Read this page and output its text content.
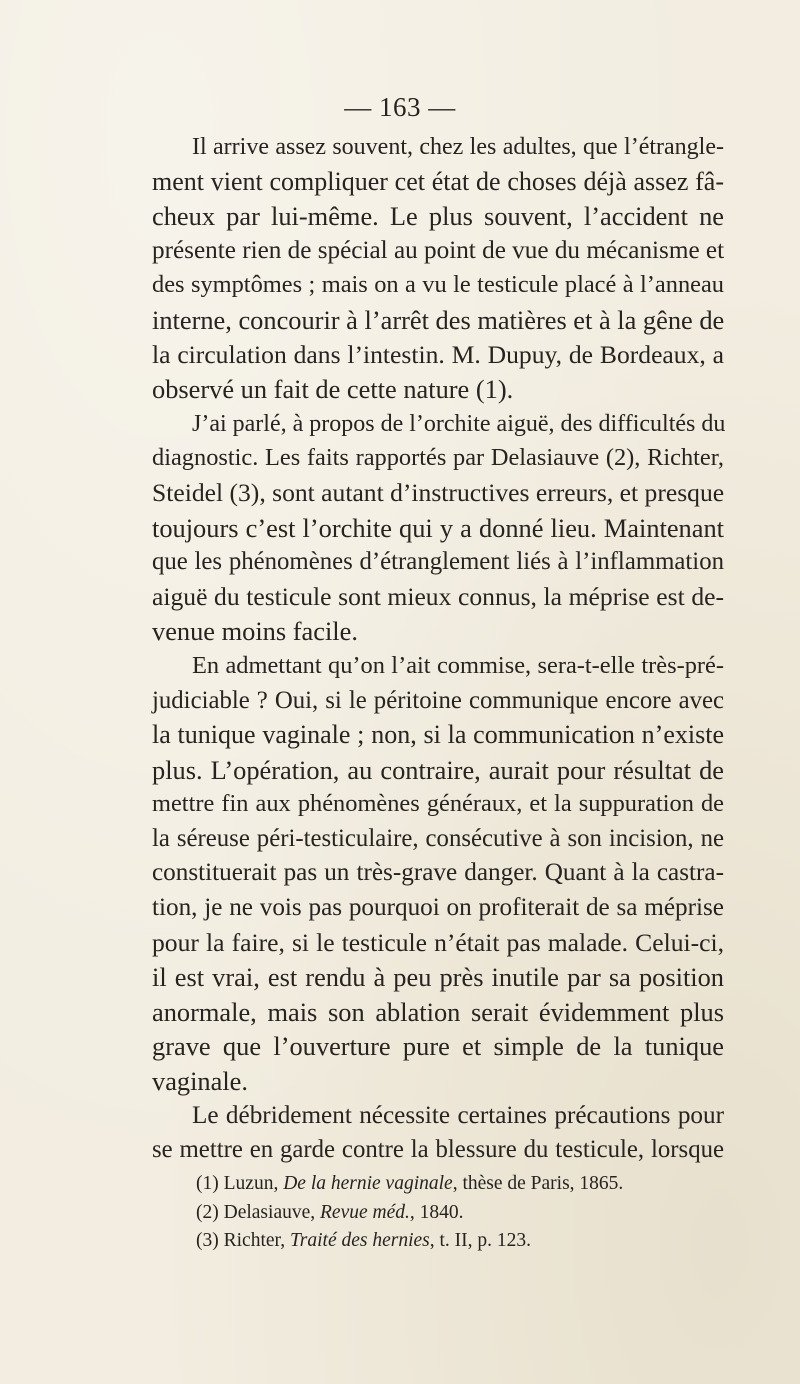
— 163 —
Il arrive assez souvent, chez les adultes, que l’étrangle-
ment vient compliquer cet état de choses déjà assez fâ-
cheux par lui-même. Le plus souvent, l’accident ne
présente rien de spécial au point de vue du mécanisme et
des symptômes ; mais on a vu le testicule placé à l’anneau
interne, concourir à l’arrêt des matières et à la gêne de
la circulation dans l’intestin. M. Dupuy, de Bordeaux, a
observé un fait de cette nature (1).
J’ai parlé, à propos de l’orchite aiguë, des difficultés du
diagnostic. Les faits rapportés par Delasiauve (2), Richter,
Steidel (3), sont autant d’instructives erreurs, et presque
toujours c’est l’orchite qui y a donné lieu. Maintenant
que les phénomènes d’étranglement liés à l’inflammation
aiguë du testicule sont mieux connus, la méprise est de-
venue moins facile.
En admettant qu’on l’ait commise, sera-t-elle très-pré-
judiciable ? Oui, si le péritoine communique encore avec
la tunique vaginale ; non, si la communication n’existe
plus. L’opération, au contraire, aurait pour résultat de
mettre fin aux phénomènes généraux, et la suppuration de
la séreuse péri-testiculaire, consécutive à son incision, ne
constituerait pas un très-grave danger. Quant à la castra-
tion, je ne vois pas pourquoi on profiterait de sa méprise
pour la faire, si le testicule n’était pas malade. Celui-ci,
il est vrai, est rendu à peu près inutile par sa position
anormale, mais son ablation serait évidemment plus
grave que l’ouverture pure et simple de la tunique
vaginale.
Le débridement nécessite certaines précautions pour
se mettre en garde contre la blessure du testicule, lorsque
(1) Luzun, De la hernie vaginale, thèse de Paris, 1865.
(2) Delasiauve, Revue méd., 1840.
(3) Richter, Traité des hernies, t. II, p. 123.
